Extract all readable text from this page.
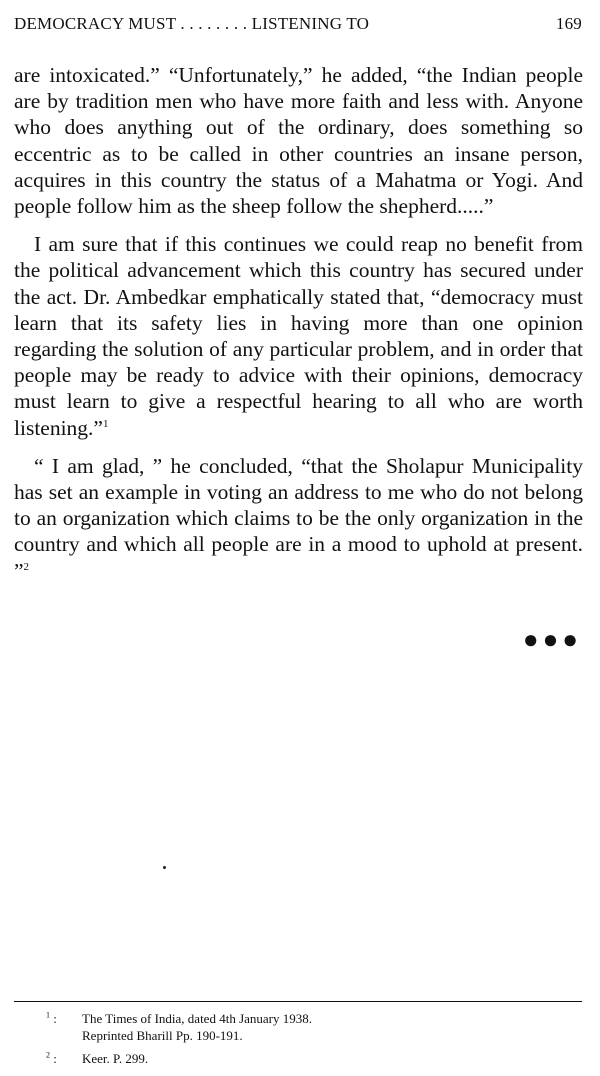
DEMOCRACY MUST . . . . . . . . LISTENING TO	169

are intoxicated.” “Unfortunately,” he added, “the Indian people are by tradition men who have more faith and less with. Anyone who does anything out of the ordinary, does something so eccentric as to be called in other countries an insane person, acquires in this country the status of a Mahatma or Yogi. And people follow him as the sheep follow the shepherd.....”

I am sure that if this continues we could reap no benefit from the political advancement which this country has secured under the act. Dr. Ambedkar emphatically stated that, “democracy must learn that its safety lies in having more than one opinion regarding the solution of any particular problem, and in order that people may be ready to advice with their opinions, democracy must learn to give a respectful hearing to all who are worth listening.”$^1$

“ I am glad, ” he concluded, “that the Sholapur Municipality has set an example in voting an address to me who do not belong to an organization which claims to be the only organization in the country and which all people are in a mood to uphold at present. ”$^2$

●●●
$^1$ : The Times of India, dated 4th January 1938.
Reprinted Bharill Pp. 190-191.
$^2$ : Keer. P. 299.
